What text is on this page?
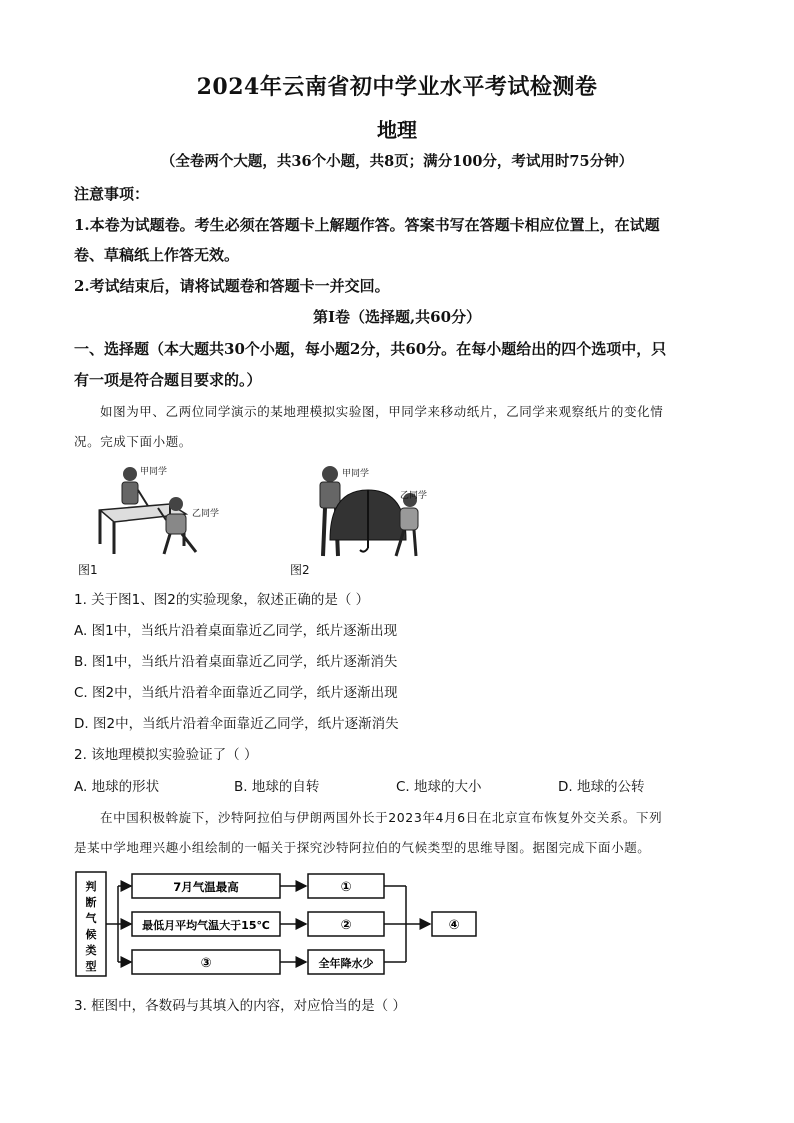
2024年云南省初中学业水平考试检测卷
地理
（全卷两个大题，共36个小题，共8页；满分100分，考试用时75分钟）
注意事项：
1.本卷为试题卷。考生必须在答题卡上解题作答。答案书写在答题卡相应位置上，在试题
卷、草稿纸上作答无效。
2.考试结束后，请将试题卷和答题卡一并交回。
第Ⅰ卷（选择题,共60分）
一、选择题（本大题共30个小题，每小题2分，共60分。在每小题给出的四个选项中，只
有一项是符合题目要求的。）
如图为甲、乙两位同学演示的某地理模拟实验图，甲同学来移动纸片，乙同学来观察纸片的变化情
况。完成下面小题。
甲同学
乙同学
图1
甲同学
乙同学
图2
1. 关于图1、图2的实验现象，叙述正确的是（ ）
A. 图1中，当纸片沿着桌面靠近乙同学，纸片逐渐出现
B. 图1中，当纸片沿着桌面靠近乙同学，纸片逐渐消失
C. 图2中，当纸片沿着伞面靠近乙同学，纸片逐渐出现
D. 图2中，当纸片沿着伞面靠近乙同学，纸片逐渐消失
2. 该地理模拟实验验证了（ ）
A. 地球的形状	B. 地球的自转	C. 地球的大小	D. 地球的公转
在中国积极斡旋下，沙特阿拉伯与伊朗两国外长于2023年4月6日在北京宣布恢复外交关系。下列
是某中学地理兴趣小组绘制的一幅关于探究沙特阿拉伯的气候类型的思维导图。据图完成下面小题。
判
断
气
候
类
型
7月气温最高
最低月平均气温大于15℃
③
①
②
全年降水少
④
3. 框图中，各数码与其填入的内容，对应恰当的是（ ）
